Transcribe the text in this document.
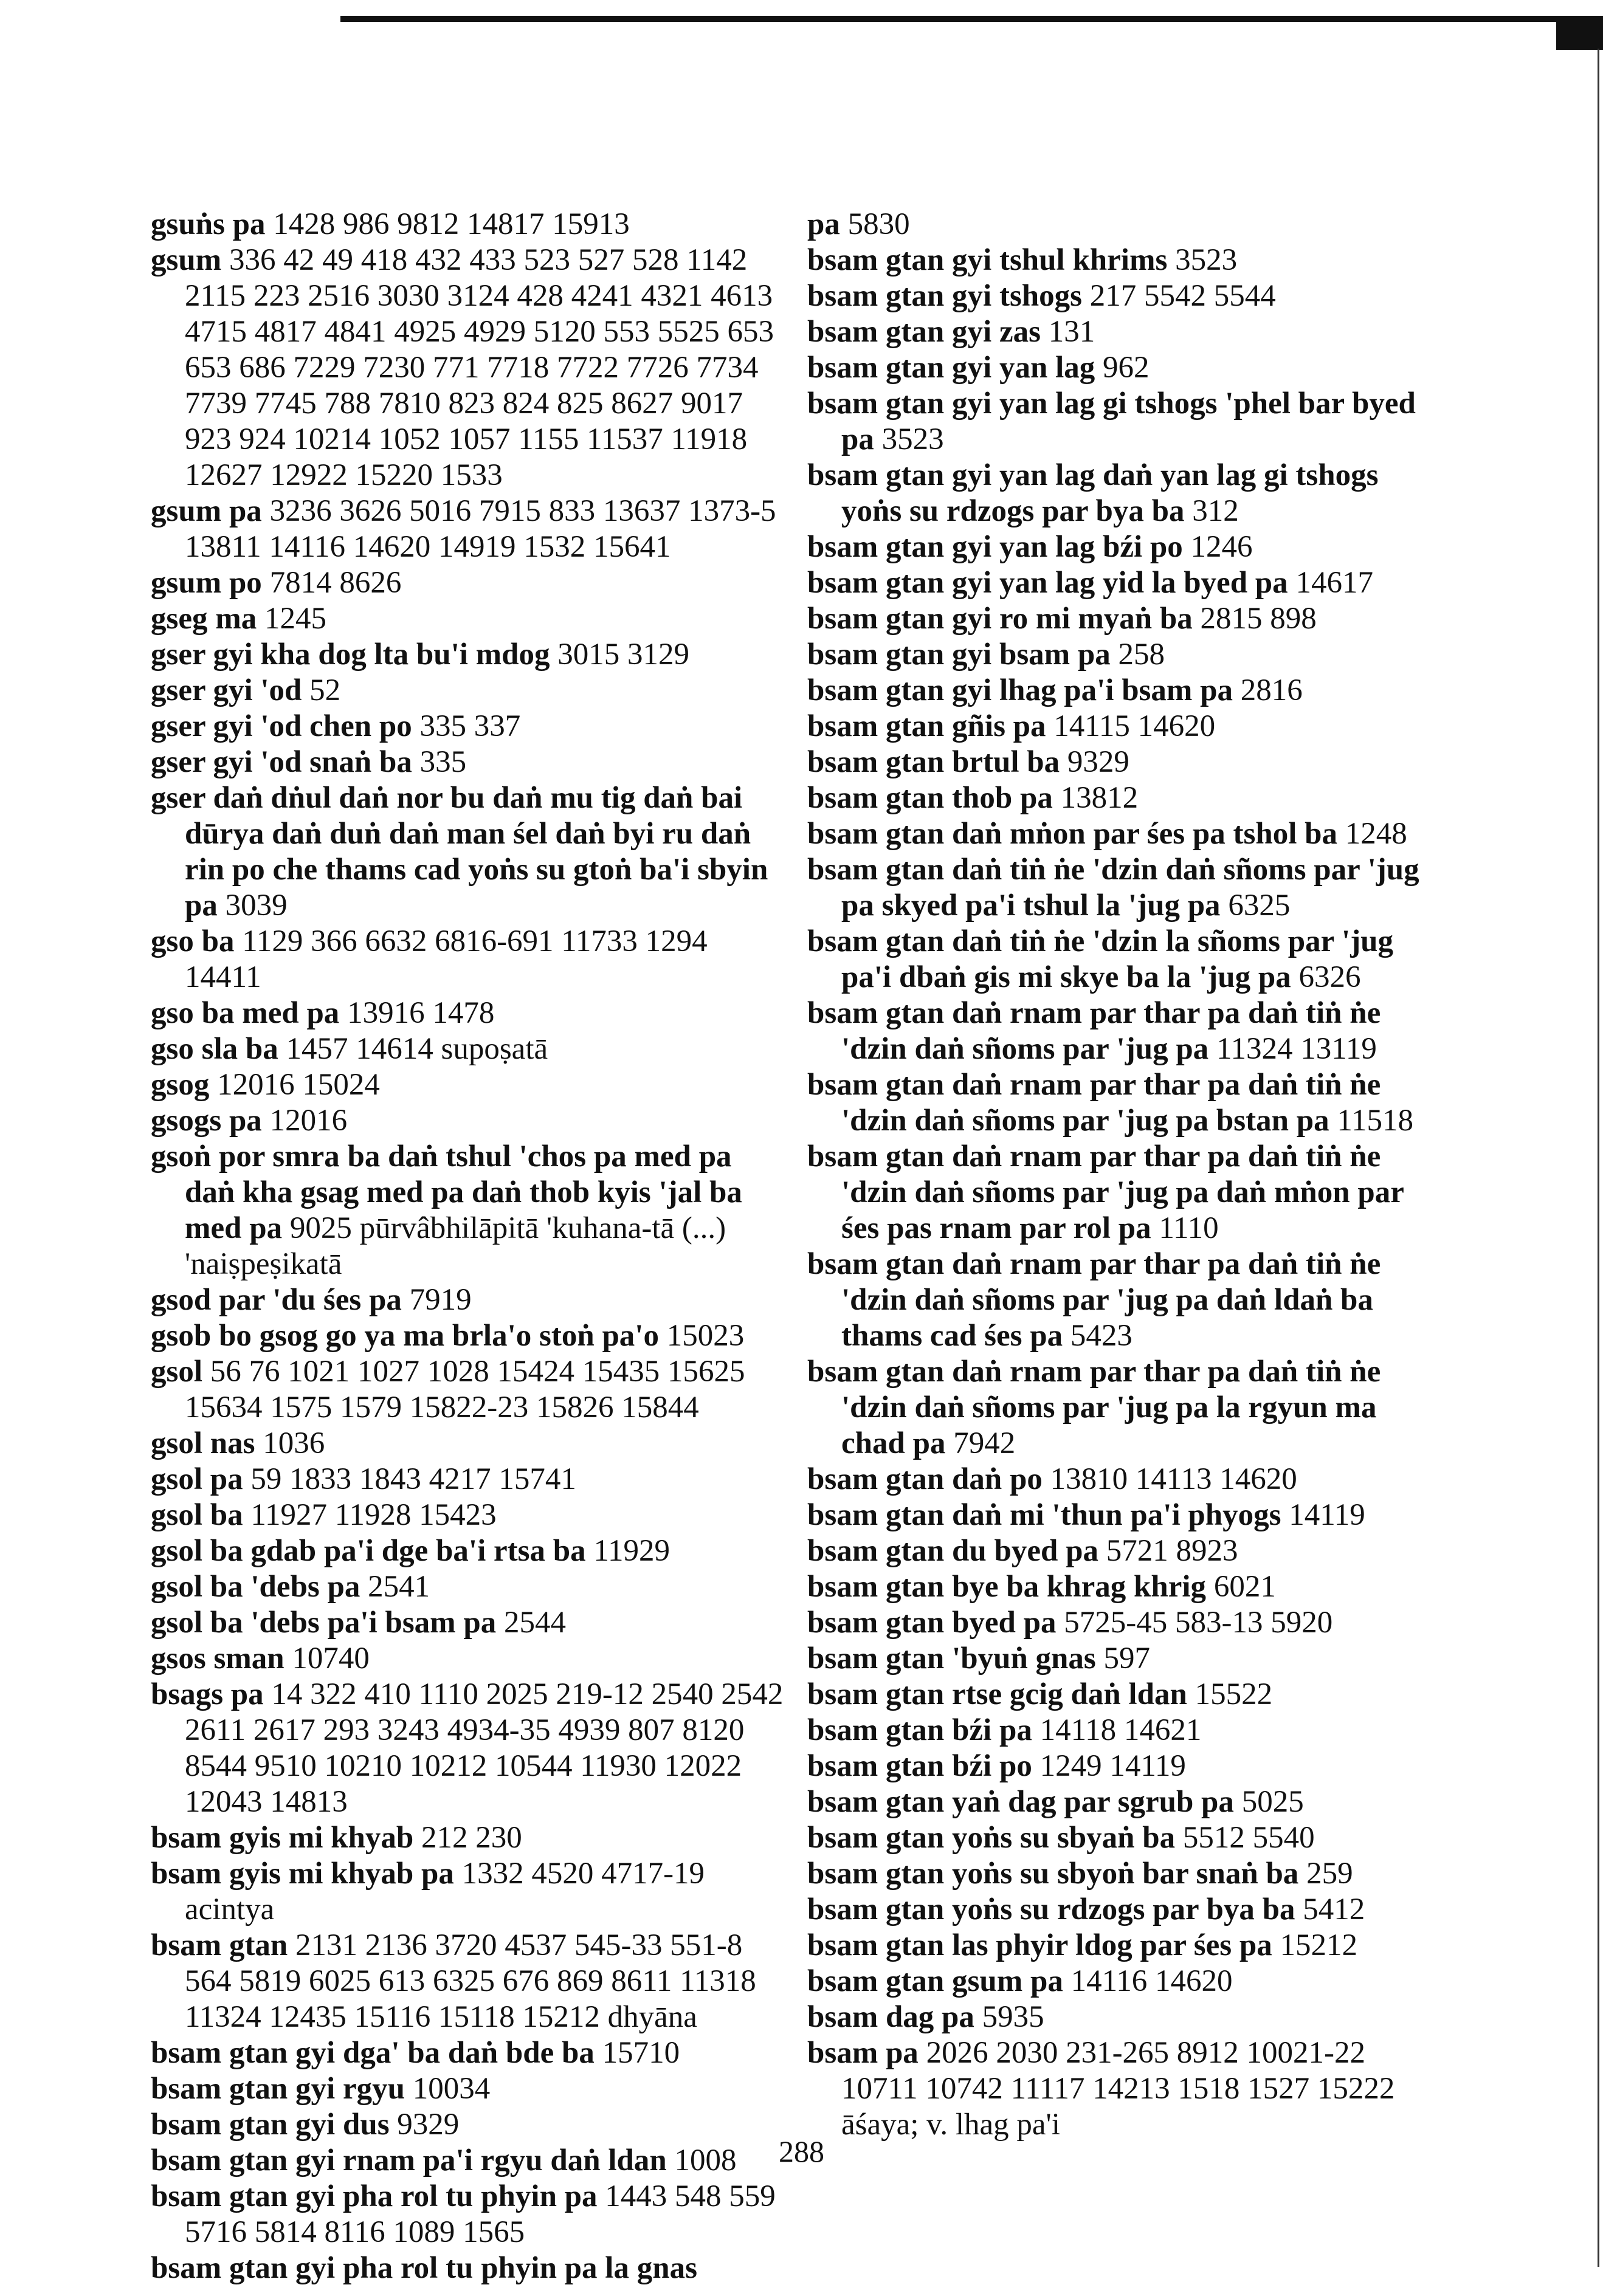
gsuṅs pa 1428 986 9812 14817 15913

gsum 336 42 49 418 432 433 523 527 528 1142 2115 223 2516 3030 3124 428 4241 4321 4613 4715 4817 4841 4925 4929 5120 553 5525 653 653 686 7229 7230 771 7718 7722 7726 7734 7739 7745 788 7810 823 824 825 8627 9017 923 924 10214 1052 1057 1155 11537 11918 12627 12922 15220 1533

gsum pa 3236 3626 5016 7915 833 13637 1373-5 13811 14116 14620 14919 1532 15641

gsum po 7814 8626

gseg ma 1245

gser gyi kha dog lta bu'i mdog 3015 3129

gser gyi 'od 52

gser gyi 'od chen po 335 337

gser gyi 'od snaṅ ba 335

gser daṅ dṅul daṅ nor bu daṅ mu tig daṅ bai dūrya daṅ duṅ daṅ man śel daṅ byi ru daṅ rin po che thams cad yoṅs su gtoṅ ba'i sbyin pa 3039

gso ba 1129 366 6632 6816-691 11733 1294 14411

gso ba med pa 13916 1478

gso sla ba 1457 14614 supoṣatā

gsog 12016 15024

gsogs pa 12016

gsoṅ por smra ba daṅ tshul 'chos pa med pa daṅ kha gsag med pa daṅ thob kyis 'jal ba med pa 9025 pūrvâbhilāpitā 'kuhana-tā (...) 'naiṣpeṣikatā

gsod par 'du śes pa 7919

gsob bo gsog go ya ma brla'o stoṅ pa'o 15023

gsol 56 76 1021 1027 1028 15424 15435 15625 15634 1575 1579 15822-23 15826 15844

gsol nas 1036

gsol pa 59 1833 1843 4217 15741

gsol ba 11927 11928 15423

gsol ba gdab pa'i dge ba'i rtsa ba 11929

gsol ba 'debs pa 2541

gsol ba 'debs pa'i bsam pa 2544

gsos sman 10740

bsags pa 14 322 410 1110 2025 219-12 2540 2542 2611 2617 293 3243 4934-35 4939 807 8120 8544 9510 10210 10212 10544 11930 12022 12043 14813

bsam gyis mi khyab 212 230

bsam gyis mi khyab pa 1332 4520 4717-19 acintya

bsam gtan 2131 2136 3720 4537 545-33 551-8 564 5819 6025 613 6325 676 869 8611 11318 11324 12435 15116 15118 15212 dhyāna

bsam gtan gyi dga' ba daṅ bde ba 15710

bsam gtan gyi rgyu 10034

bsam gtan gyi dus 9329

bsam gtan gyi rnam pa'i rgyu daṅ ldan 1008

bsam gtan gyi pha rol tu phyin pa 1443 548 559 5716 5814 8116 1089 1565

bsam gtan gyi pha rol tu phyin pa la gnas

pa 5830

bsam gtan gyi tshul khrims 3523

bsam gtan gyi tshogs 217 5542 5544

bsam gtan gyi zas 131

bsam gtan gyi yan lag 962

bsam gtan gyi yan lag gi tshogs 'phel bar byed pa 3523

bsam gtan gyi yan lag daṅ yan lag gi tshogs yoṅs su rdzogs par bya ba 312

bsam gtan gyi yan lag bźi po 1246

bsam gtan gyi yan lag yid la byed pa 14617

bsam gtan gyi ro mi myaṅ ba 2815 898

bsam gtan gyi bsam pa 258

bsam gtan gyi lhag pa'i bsam pa 2816

bsam gtan gñis pa 14115 14620

bsam gtan brtul ba 9329

bsam gtan thob pa 13812

bsam gtan daṅ mṅon par śes pa tshol ba 1248

bsam gtan daṅ tiṅ ṅe 'dzin daṅ sñoms par 'jug pa skyed pa'i tshul la 'jug pa 6325

bsam gtan daṅ tiṅ ṅe 'dzin la sñoms par 'jug pa'i dbaṅ gis mi skye ba la 'jug pa 6326

bsam gtan daṅ rnam par thar pa daṅ tiṅ ṅe 'dzin daṅ sñoms par 'jug pa 11324 13119

bsam gtan daṅ rnam par thar pa daṅ tiṅ ṅe 'dzin daṅ sñoms par 'jug pa bstan pa 11518

bsam gtan daṅ rnam par thar pa daṅ tiṅ ṅe 'dzin daṅ sñoms par 'jug pa daṅ mṅon par śes pas rnam par rol pa 1110

bsam gtan daṅ rnam par thar pa daṅ tiṅ ṅe 'dzin daṅ sñoms par 'jug pa daṅ ldaṅ ba thams cad śes pa 5423

bsam gtan daṅ rnam par thar pa daṅ tiṅ ṅe 'dzin daṅ sñoms par 'jug pa la rgyun ma chad pa 7942

bsam gtan daṅ po 13810 14113 14620

bsam gtan daṅ mi 'thun pa'i phyogs 14119

bsam gtan du byed pa 5721 8923

bsam gtan bye ba khrag khrig 6021

bsam gtan byed pa 5725-45 583-13 5920

bsam gtan 'byuṅ gnas 597

bsam gtan rtse gcig daṅ ldan 15522

bsam gtan bźi pa 14118 14621

bsam gtan bźi po 1249 14119

bsam gtan yaṅ dag par sgrub pa 5025

bsam gtan yoṅs su sbyaṅ ba 5512 5540

bsam gtan yoṅs su sbyoṅ bar snaṅ ba 259

bsam gtan yoṅs su rdzogs par bya ba 5412

bsam gtan las phyir ldog par śes pa 15212

bsam gtan gsum pa 14116 14620

bsam dag pa 5935

bsam pa 2026 2030 231-265 8912 10021-22 10711 10742 11117 14213 1518 1527 15222 āśaya; v. lhag pa'i

288
